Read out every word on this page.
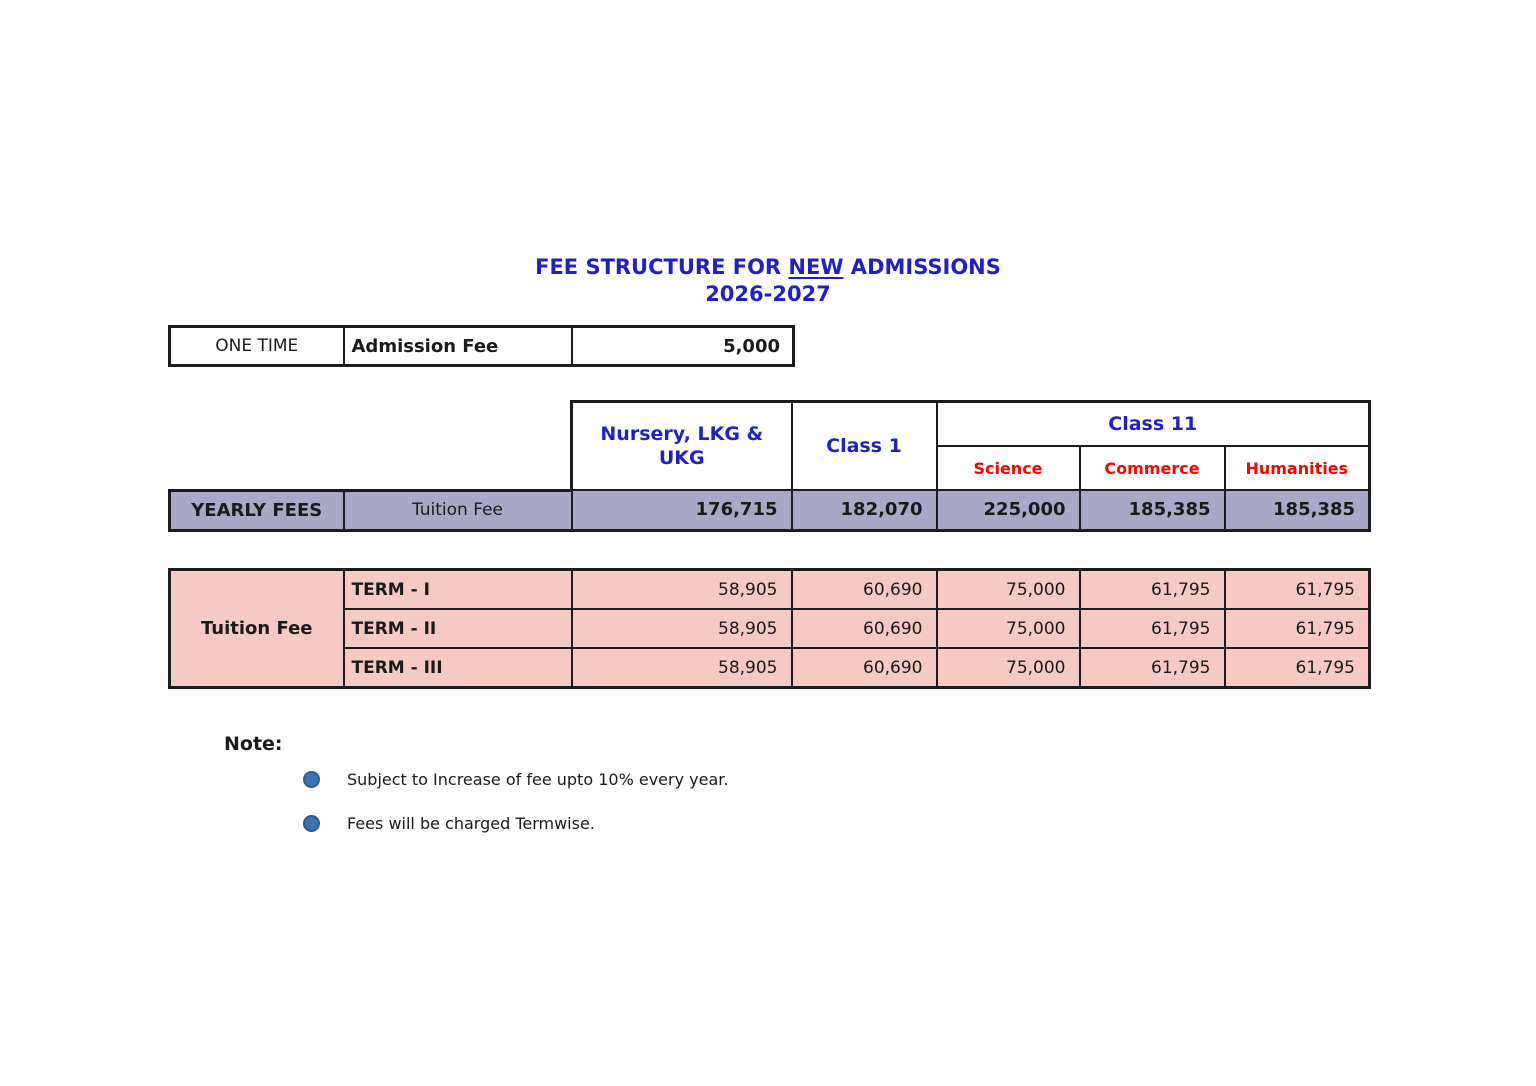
FEE STRUCTURE FOR NEW ADMISSIONS
2026-2027
ONE TIME	Admission Fee	5,000
		Nursery, LKG & UKG	Class 1	Class 11		
				Science	Commerce	Humanities
YEARLY FEES	Tuition Fee	176,715	182,070	225,000	185,385	185,385
Tuition Fee	TERM - I	58,905	60,690	75,000	61,795	61,795
	TERM - II	58,905	60,690	75,000	61,795	61,795
	TERM - III	58,905	60,690	75,000	61,795	61,795
Note:
Subject to Increase of fee upto 10% every year.
Fees will be charged Termwise.
